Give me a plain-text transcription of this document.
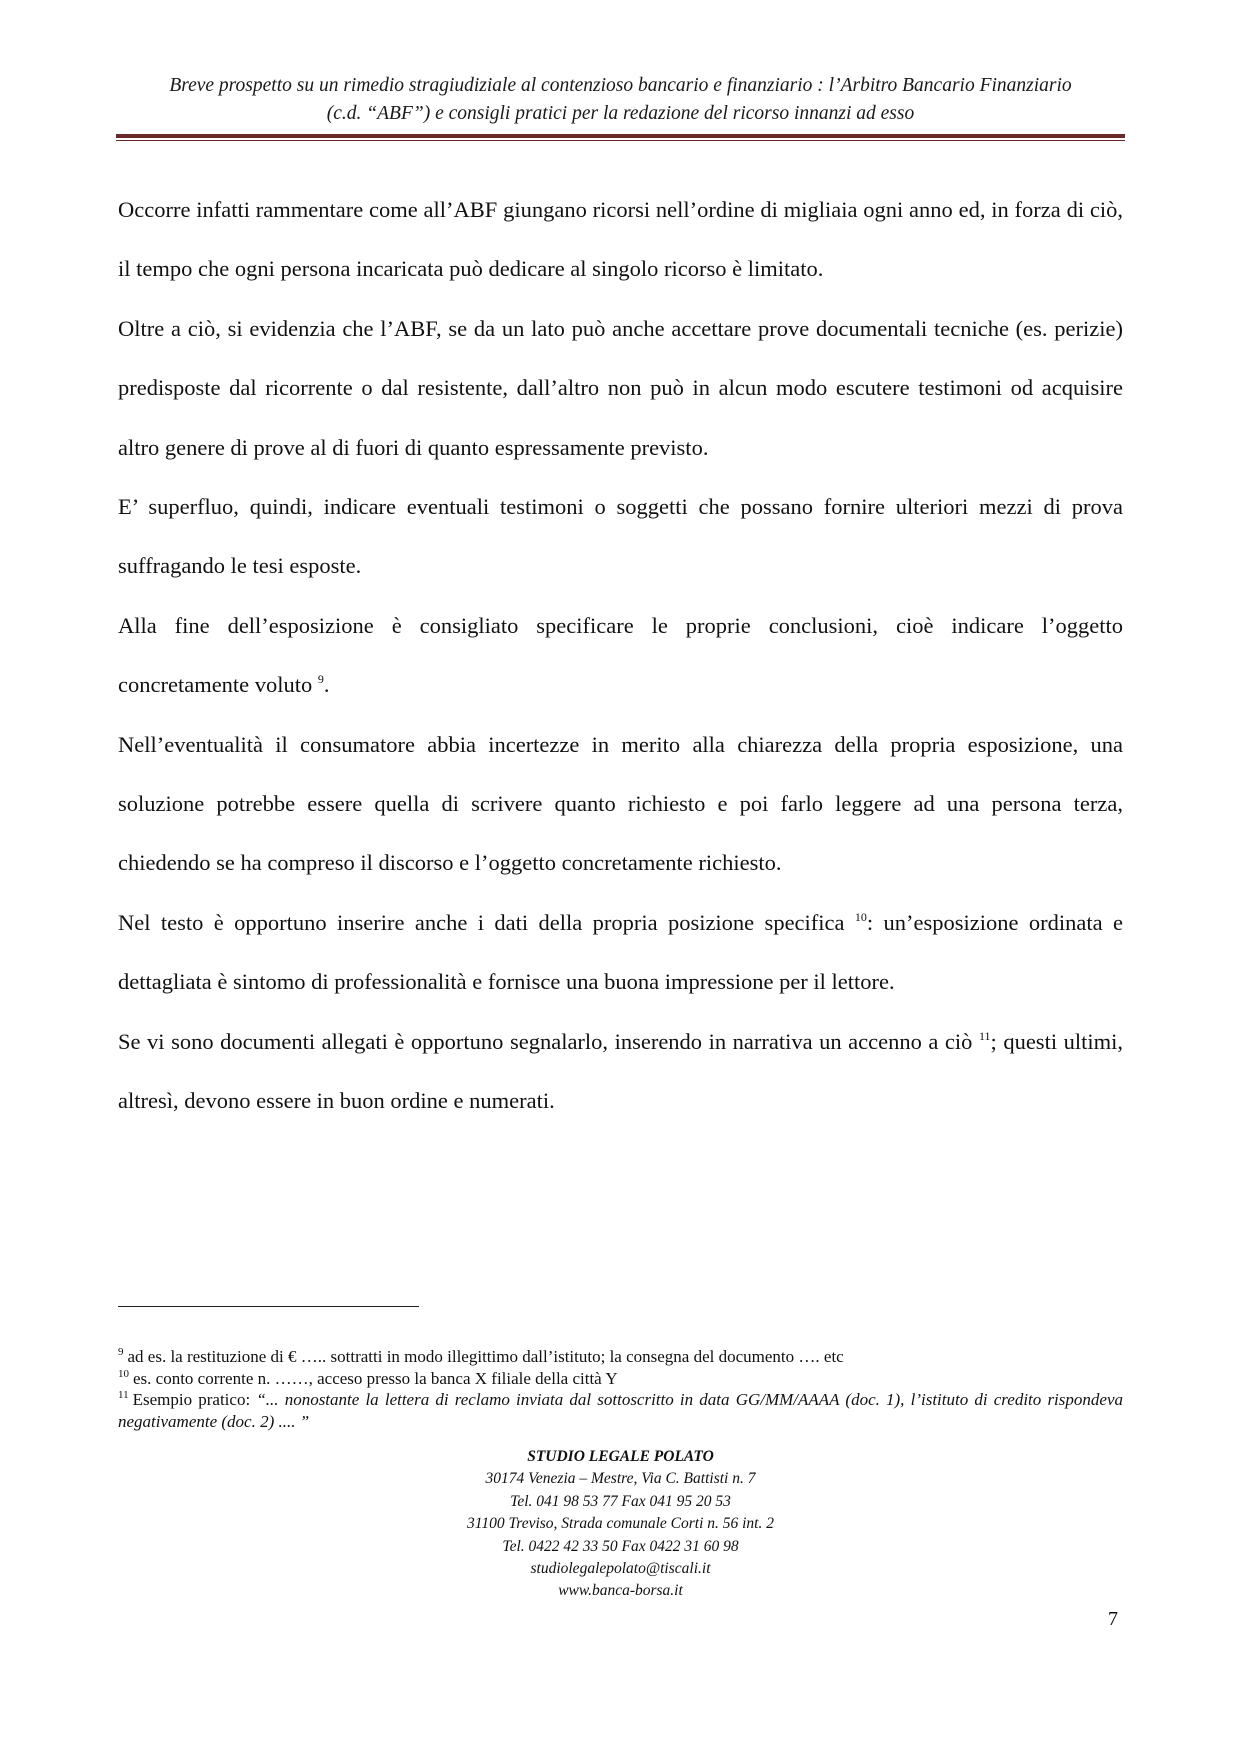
Breve prospetto su un rimedio stragiudiziale al contenzioso bancario e finanziario : l’Arbitro Bancario Finanziario
(c.d. “ABF”) e consigli pratici per la redazione del ricorso innanzi ad esso

Occorre infatti rammentare come all’ABF giungano ricorsi nell’ordine di migliaia ogni anno ed, in forza di ciò, il tempo che ogni persona incaricata può dedicare al singolo ricorso è limitato.

Oltre a ciò, si evidenzia che l’ABF, se da un lato può anche accettare prove documentali tecniche (es. perizie) predisposte dal ricorrente o dal resistente, dall’altro non può in alcun modo escutere testimoni od acquisire altro genere di prove al di fuori di quanto espressamente previsto.

E’ superfluo, quindi, indicare eventuali testimoni o soggetti che possano fornire ulteriori mezzi di prova suffragando le tesi esposte.

Alla fine dell’esposizione è consigliato specificare le proprie conclusioni, cioè indicare l’oggetto concretamente voluto $^9$.

Nell’eventualità il consumatore abbia incertezze in merito alla chiarezza della propria esposizione, una soluzione potrebbe essere quella di scrivere quanto richiesto e poi farlo leggere ad una persona terza, chiedendo se ha compreso il discorso e l’oggetto concretamente richiesto.

Nel testo è opportuno inserire anche i dati della propria posizione specifica $^{10}$: un’esposizione ordinata e dettagliata è sintomo di professionalità e fornisce una buona impressione per il lettore.

Se vi sono documenti allegati è opportuno segnalarlo, inserendo in narrativa un accenno a ciò $^{11}$; questi ultimi, altresì, devono essere in buon ordine e numerati.

$^9$ ad es. la restituzione di € ….. sottratti in modo illegittimo dall’istituto; la consegna del documento …. etc

$^{10}$ es. conto corrente n. ……, acceso presso la banca X filiale della città Y

$^{11}$ Esempio pratico: “... nonostante la lettera di reclamo inviata dal sottoscritto in data GG/MM/AAAA (doc. 1), l’istituto di credito rispondeva negativamente (doc. 2) .... ”

STUDIO LEGALE POLATO
30174 Venezia – Mestre, Via C. Battisti n. 7
Tel. 041 98 53 77 Fax 041 95 20 53
31100 Treviso, Strada comunale Corti n. 56 int. 2
Tel. 0422 42 33 50 Fax 0422 31 60 98
studiolegalepolato@tiscali.it
www.banca-borsa.it
7
